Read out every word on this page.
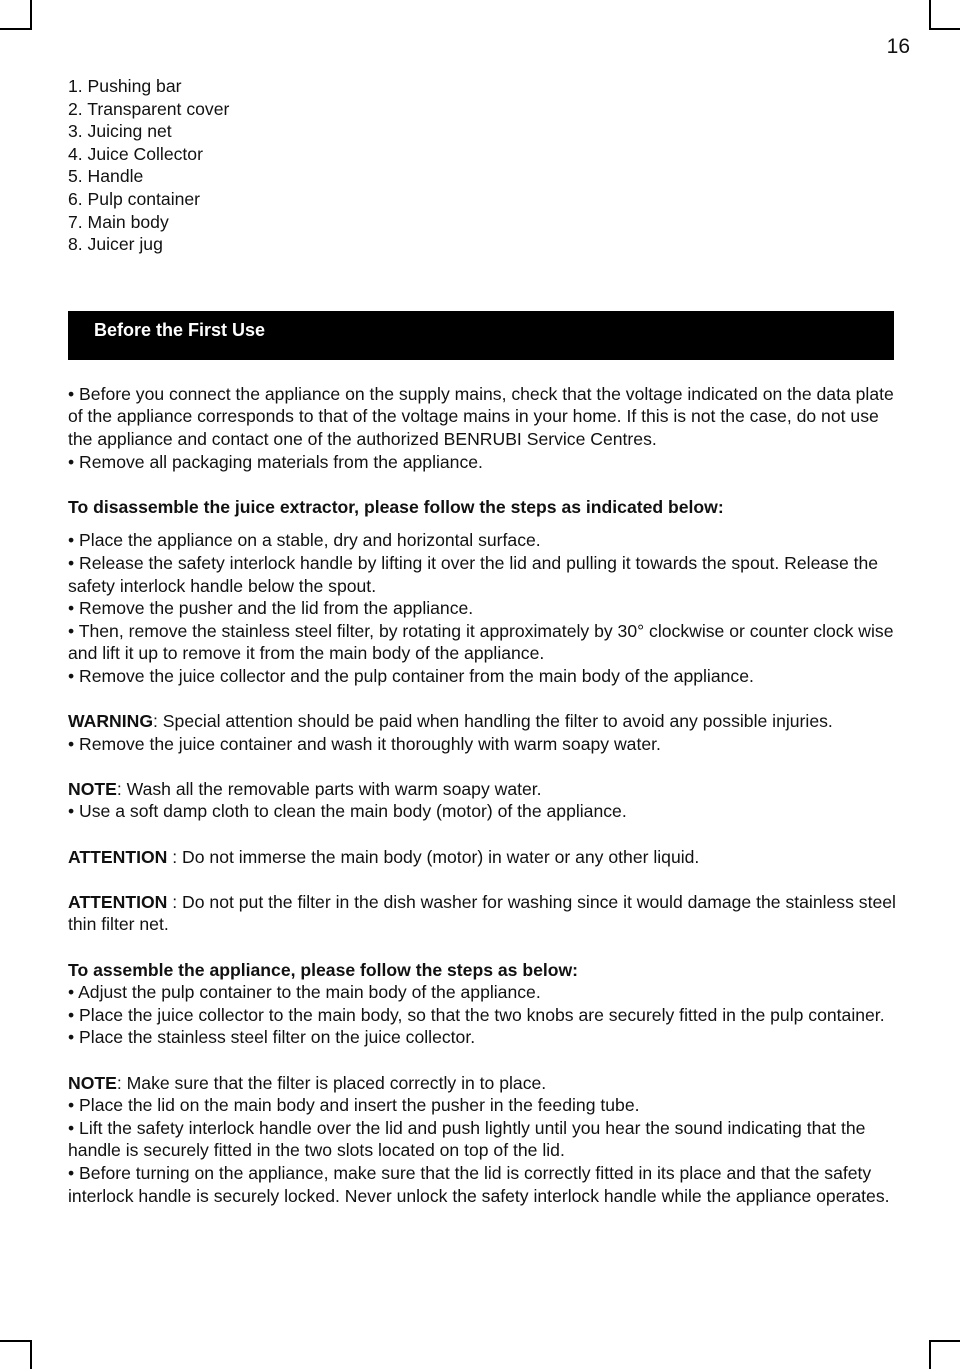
16
1. Pushing bar
2. Transparent cover
3. Juicing net
4. Juice Collector
5. Handle
6. Pulp container
7. Main body
8. Juicer jug
Before the First Use

• Before you connect the appliance on the supply mains, check that the voltage indicated on the data plate of the appliance corresponds to that of the voltage mains in your home. If this is not the case, do not use the appliance and contact one of the authorized BENRUBI Service Centres.

• Remove all packaging materials from the appliance.

To disassemble the juice extractor, please follow the steps as indicated below:

• Place the appliance on a stable, dry and horizontal surface.

• Release the safety interlock handle by lifting it over the lid and pulling it towards the spout. Release the safety interlock handle below the spout.

• Remove the pusher and the lid from the appliance.

• Then, remove the stainless steel filter, by rotating it approximately by 30° clockwise or counter clock wise and lift it up to remove it from the main body of the appliance.

• Remove the juice collector and the pulp container from the main body of the appliance.

WARNING: Special attention should be paid when handling the filter to avoid any possible injuries.

• Remove the juice container and wash it thoroughly with warm soapy water.

NOTE: Wash all the removable parts with warm soapy water.

• Use a soft damp cloth to clean the main body (motor) of the appliance.

ATTENTION : Do not immerse the main body (motor) in water or any other liquid.

ATTENTION : Do not put the filter in the dish washer for washing since it would damage the stainless steel thin filter net.

To assemble the appliance, please follow the steps as below:

• Adjust the pulp container to the main body of the appliance.

• Place the juice collector to the main body, so that the two knobs are securely fitted in the pulp container.

• Place the stainless steel filter on the juice collector.

NOTE: Make sure that the filter is placed correctly in to place.

• Place the lid on the main body and insert the pusher in the feeding tube.

• Lift the safety interlock handle over the lid and push lightly until you hear the sound indicating that the handle is securely fitted in the two slots located on top of the lid.

• Before turning on the appliance, make sure that the lid is correctly fitted in its place and that the safety interlock handle is securely locked. Never unlock the safety interlock handle while the appliance operates.
